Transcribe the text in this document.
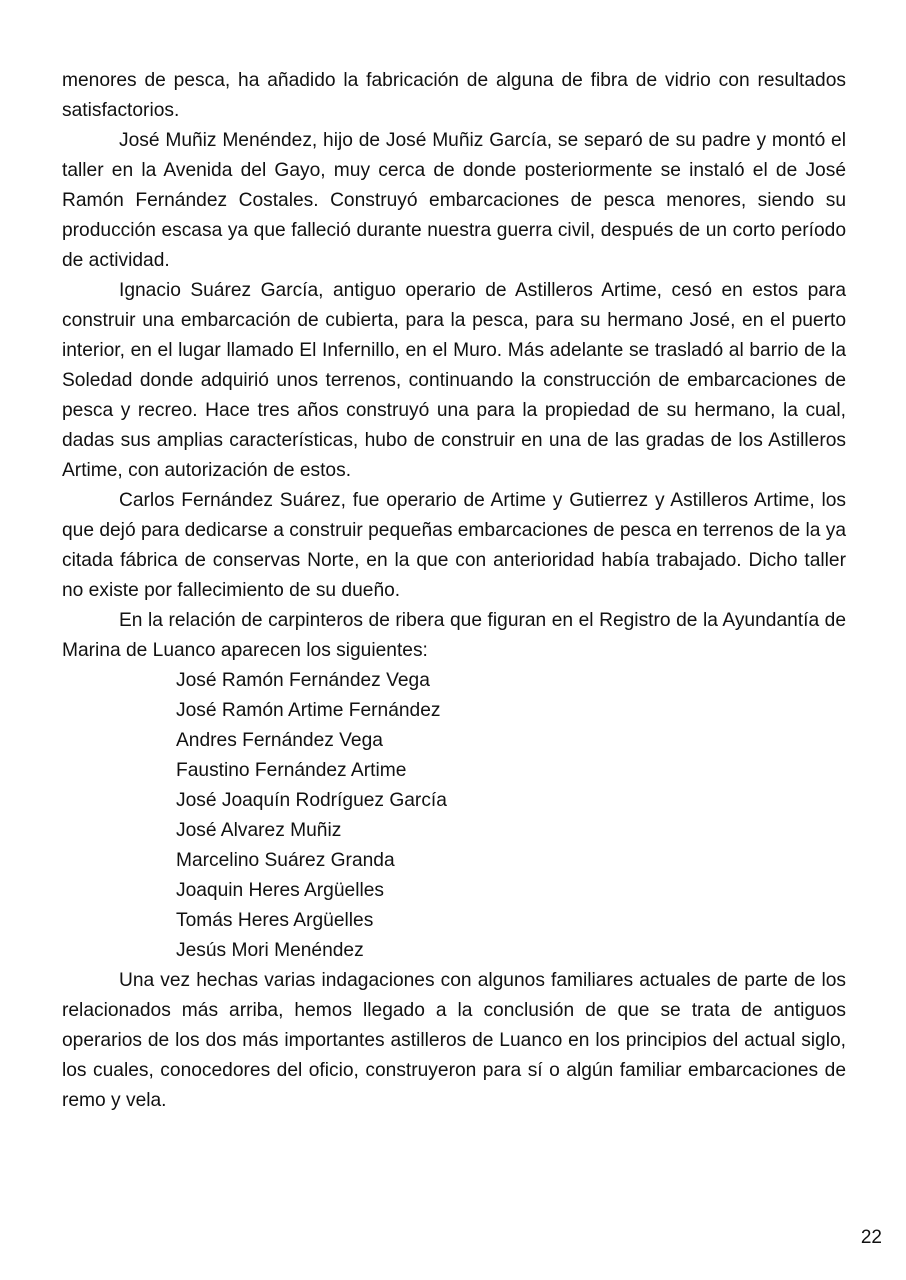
menores de pesca, ha añadido la fabricación de alguna de fibra de vidrio con resultados satisfactorios.

José Muñiz Menéndez, hijo de José Muñiz García, se separó de su padre y montó el taller en la Avenida del Gayo, muy cerca de donde posteriormente se instaló el de José Ramón Fernández Costales. Construyó embarcaciones de pesca menores, siendo su producción escasa ya que falleció durante nuestra guerra civil, después de un corto período de actividad.

Ignacio Suárez García, antiguo operario de Astilleros Artime, cesó en estos para construir una embarcación de cubierta, para la pesca, para su hermano José, en el puerto interior, en el lugar llamado El Infernillo, en el Muro. Más adelante se trasladó al barrio de la Soledad donde adquirió unos terrenos, continuando la construcción de embarcaciones de pesca y recreo. Hace tres años construyó una para la propiedad de su hermano, la cual, dadas sus amplias características, hubo de construir en una de las gradas de los Astilleros Artime, con autorización de estos.

Carlos Fernández Suárez, fue operario de Artime y Gutierrez y Astilleros Artime, los que dejó para dedicarse a construir pequeñas embarcaciones de pesca en terrenos de la ya citada fábrica de conservas Norte, en la que con anterioridad había trabajado. Dicho taller no existe por fallecimiento de su dueño.

En la relación de carpinteros de ribera que figuran en el Registro de la Ayundantía de Marina de Luanco aparecen los siguientes:

José Ramón Fernández Vega
José Ramón Artime Fernández
Andres Fernández Vega
Faustino Fernández Artime
José Joaquín Rodríguez García
José Alvarez Muñiz
Marcelino Suárez Granda
Joaquin Heres Argüelles
Tomás Heres Argüelles
Jesús Mori Menéndez

Una vez hechas varias indagaciones con algunos familiares actuales de parte de los relacionados más arriba, hemos llegado a la conclusión de que se trata de antiguos operarios de los dos más importantes astilleros de Luanco en los principios del actual siglo, los cuales, conocedores del oficio, construyeron para sí o algún familiar embarcaciones de remo y vela.

22
